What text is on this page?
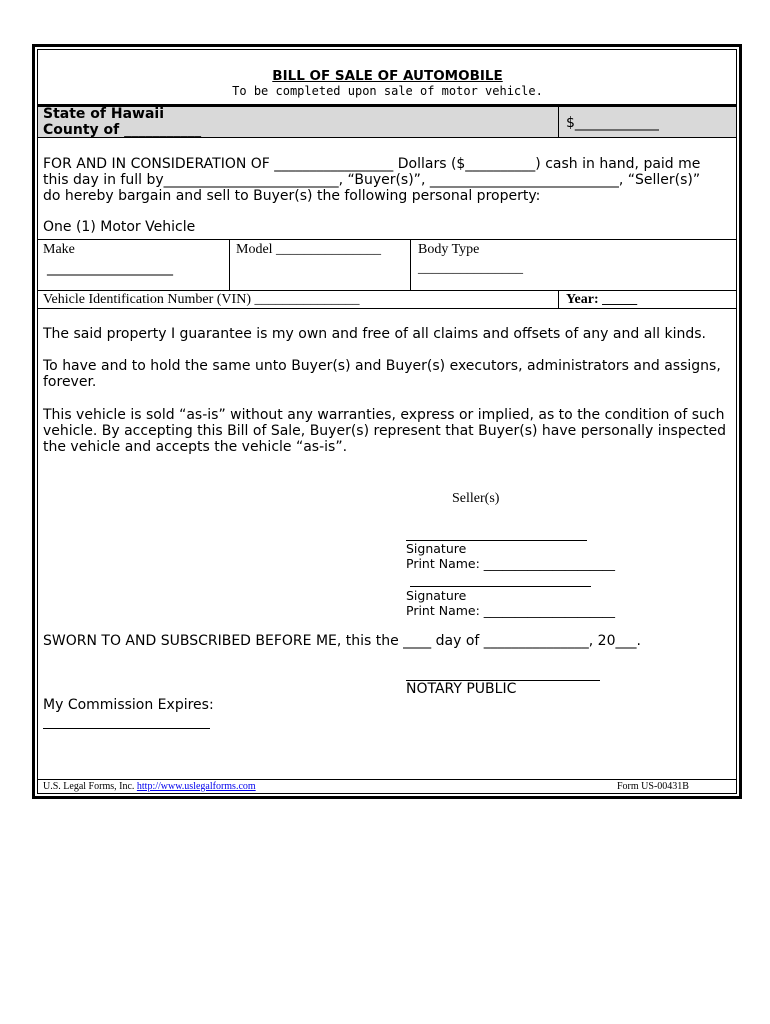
BILL OF SALE OF AUTOMOBILE
To be completed upon sale of motor vehicle.
State of Hawaii
County of ___________	$____________
FOR AND IN CONSIDERATION OF _________________ Dollars ($__________) cash in hand, paid me
this day in full by_________________________, “Buyer(s)”, ___________________________, “Seller(s)”
do hereby bargain and sell to Buyer(s) the following personal property:
One (1) Motor Vehicle
Make
__________________
Model _______________	Body Type
_______________
Vehicle Identification Number (VIN) _______________	Year: _____
The said property I guarantee is my own and free of all claims and offsets of any and all kinds.
To have and to hold the same unto Buyer(s) and Buyer(s) executors, administrators and assigns,
forever.
This vehicle is sold “as-is” without any warranties, express or implied, as to the condition of such
vehicle. By accepting this Bill of Sale, Buyer(s) represent that Buyer(s) have personally inspected
the vehicle and accepts the vehicle “as-is”.
Seller(s)
Signature
Print Name: _____________________
Signature
Print Name: _____________________
SWORN TO AND SUBSCRIBED BEFORE ME, this the ____ day of _______________, 20___.
NOTARY PUBLIC
My Commission Expires:
U.S. Legal Forms, Inc. http://www.uslegalforms.com	Form US-00431B
